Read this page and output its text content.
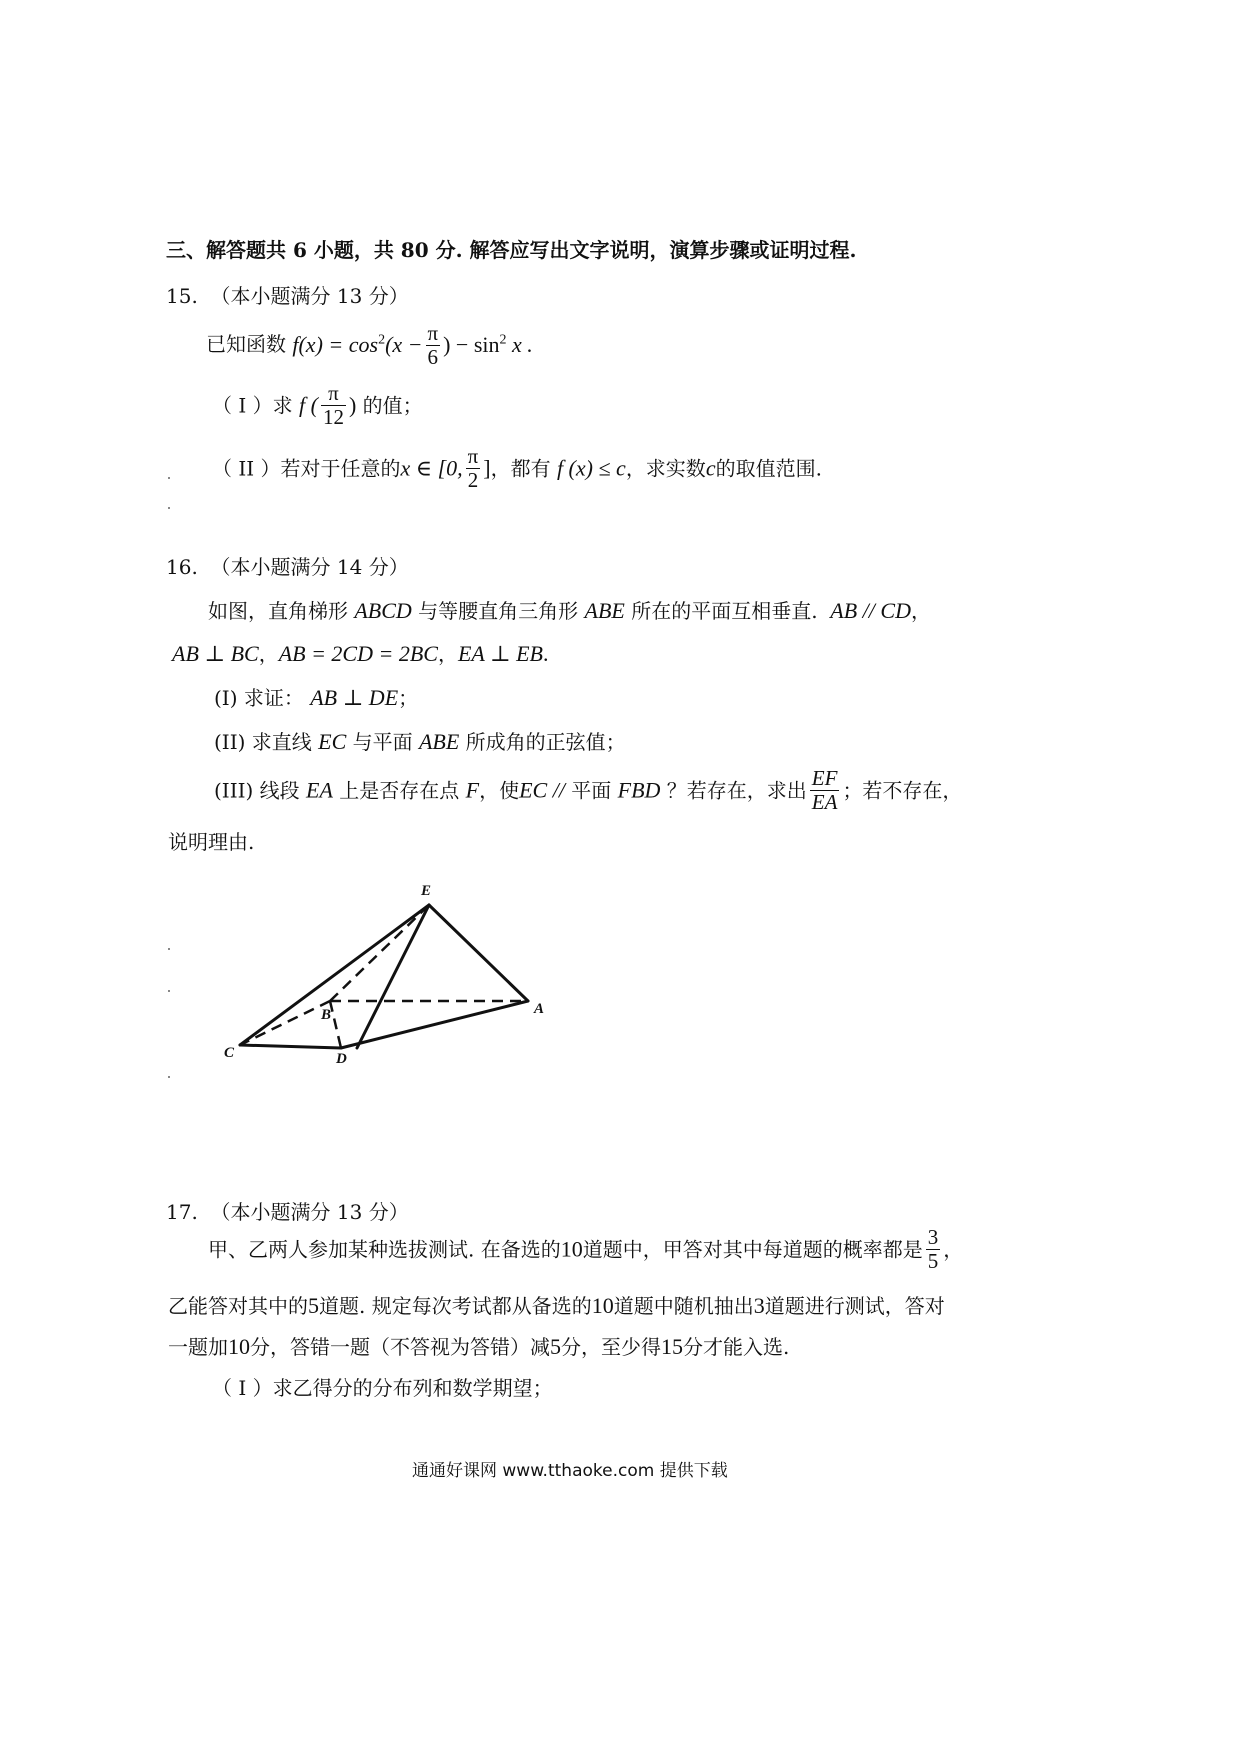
三、解答题共 6 小题，共 80 分. 解答应写出文字说明，演算步骤或证明过程.
15. （本小题满分 13 分）
已知函数 $f(x) = \cos^2(x - \frac{\pi}{6}$ ) − $\sin^2 x$ .
（ I ）求 f ( $\frac{\pi}{12}$ ) 的值；
（ II ）若对于任意的x ∈ [0, $\frac{\pi}{2}$ ]，都有 f (x) ≤ c，求实数c的取值范围.
16. （本小题满分 14 分）
如图，直角梯形 ABCD 与等腰直角三角形 ABE 所在的平面互相垂直. AB // CD，
AB ⊥ BC，AB = 2CD = 2BC，EA ⊥ EB.
(I) 求证： AB ⊥ DE；
(II) 求直线 EC 与平面 ABE 所成角的正弦值；
(III) 线段 EA 上是否存在点 F，使EC // 平面 FBD ？若存在，求出 $\frac{EF}{EA}$ ；若不存在，
说明理由.
E
A
B
C	D
17. （本小题满分 13 分）
甲、乙两人参加某种选拔测试. 在备选的10道题中，甲答对其中每道题的概率都是 $\frac{3}{5}$ ，
乙能答对其中的5道题. 规定每次考试都从备选的10道题中随机抽出3道题进行测试，答对
一题加10分，答错一题（不答视为答错）减5分，至少得15分才能入选.
（ I ）求乙得分的分布列和数学期望；
通通好课网 www.tthaoke.com 提供下载
